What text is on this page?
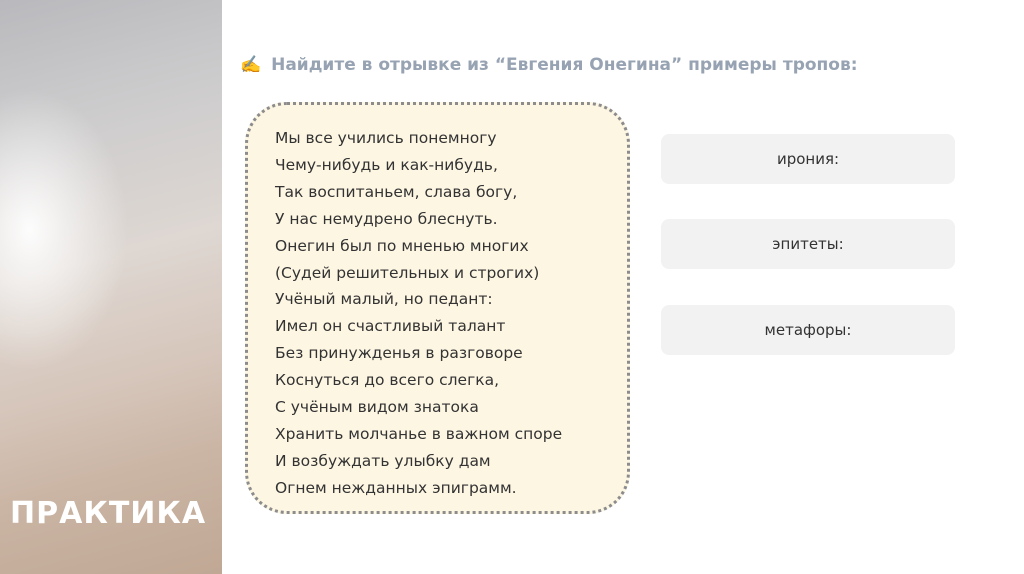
ПРАКТИКА
✍️ Найдите в отрывке из “Евгения Онегина” примеры тропов:
Мы все учились понемногу
Чему-нибудь и как-нибудь,
Так воспитаньем, слава богу,
У нас немудрено блеснуть.
Онегин был по мненью многих
(Судей решительных и строгих)
Учёный малый, но педант:
Имел он счастливый талант
Без принужденья в разговоре
Коснуться до всего слегка,
С учёным видом знатока
Хранить молчанье в важном споре
И возбуждать улыбку дам
Огнем нежданных эпиграмм.
ирония:
эпитеты:
метафоры:
